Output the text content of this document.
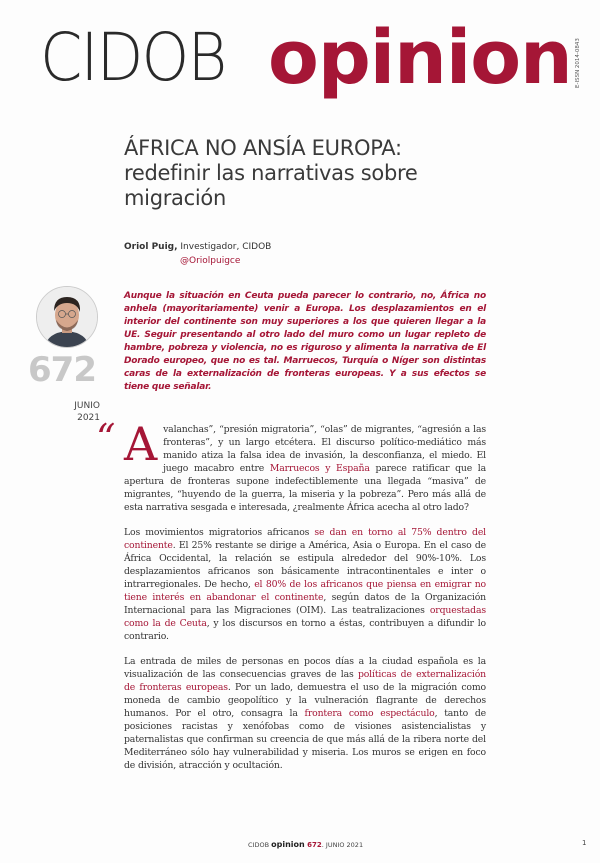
CIDOB opinion E-ISSN 2014-0843
ÁFRICA NO ANSÍA EUROPA:
redefinir las narrativas sobre
migración
Oriol Puig, Investigador, CIDOB
@Oriolpuigce
672
JUNIO
2021

Aunque la situación en Ceuta pueda parecer lo contrario, no, África no anhela (mayoritariamente) venir a Europa. Los desplazamientos en el interior del continente son muy superiores a los que quieren llegar a la UE. Seguir presentando al otro lado del muro como un lugar repleto de hambre, pobreza y violencia, no es riguroso y alimenta la narrativa de El Dorado europeo, que no es tal. Marruecos, Turquía o Níger son distintas caras de la externalización de fronteras europeas. Y a sus efectos se tiene que señalar.

“ Avalanchas”, “presión migratoria”, “olas” de migrantes, “agresión a las fronteras”, y un largo etcétera. El discurso político-mediático más manido atiza la falsa idea de invasión, la desconfianza, el miedo. El juego macabro entre Marruecos y España parece ratificar que la apertura de fronteras supone indefectiblemente una llegada “masiva” de migrantes, “huyendo de la guerra, la miseria y la pobreza”. Pero más allá de esta narrativa sesgada e interesada, ¿realmente África acecha al otro lado?

Los movimientos migratorios africanos se dan en torno al 75% dentro del continente. El 25% restante se dirige a América, Asia o Europa. En el caso de África Occidental, la relación se estipula alrededor del 90%-10%. Los desplazamientos africanos son básicamente intracontinentales e inter o intrarregionales. De hecho, el 80% de los africanos que piensa en emigrar no tiene interés en abandonar el continente, según datos de la Organización Internacional para las Migraciones (OIM). Las teatralizaciones orquestadas como la de Ceuta, y los discursos en torno a éstas, contribuyen a difundir lo contrario.

La entrada de miles de personas en pocos días a la ciudad española es la visualización de las consecuencias graves de las políticas de externalización de fronteras europeas. Por un lado, demuestra el uso de la migración como moneda de cambio geopolítico y la vulneración flagrante de derechos humanos. Por el otro, consagra la frontera como espectáculo, tanto de posiciones racistas y xenófobas como de visiones asistencialistas y paternalistas que confirman su creencia de que más allá de la ribera norte del Mediterráneo sólo hay vulnerabilidad y miseria. Los muros se erigen en foco de división, atracción y ocultación.

CIDOB opinion 672. JUNIO 2021	1
